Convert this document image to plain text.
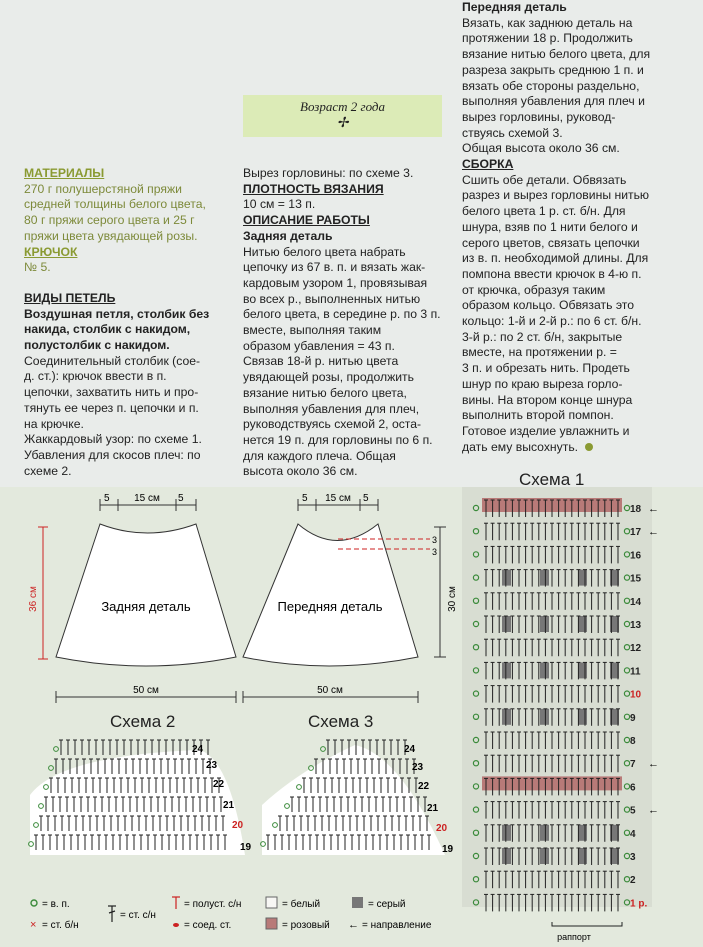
Возраст 2 года
✢
МАТЕРИАЛЫ
270 г полушерстяной пряжи
средней толщины белого цвета,
80 г пряжи серого цвета и 25 г
пряжи цвета увядающей розы.
КРЮЧОК
№ 5.
ВИДЫ ПЕТЕЛЬ
Воздушная петля, столбик без
накида, столбик с накидом,
полустолбик с накидом.
Соединительный столбик (сое-
д. ст.): крючок ввести в п.
цепочки, захватить нить и про-
тянуть ее через п. цепочки и п.
на крючке.
Жаккардовый узор: по схеме 1.
Убавления для скосов плеч: по
схеме 2.
Вырез горловины: по схеме 3.
ПЛОТНОСТЬ ВЯЗАНИЯ
10 см = 13 п.
ОПИСАНИЕ РАБОТЫ
Задняя деталь
Нитью белого цвета набрать
цепочку из 67 в. п. и вязать жак-
кардовым узором 1, провязывая
во всех р., выполненных нитью
белого цвета, в середине р. по 3 п.
вместе, выполняя таким
образом убавления = 43 п.
Связав 18-й р. нитью цвета
увядающей розы, продолжить
вязание нитью белого цвета,
выполняя убавления для плеч,
руководствуясь схемой 2, оста-
нется 19 п. для горловины по 6 п.
для каждого плеча. Общая
высота около 36 см.
Передняя деталь
Вязать, как заднюю деталь на
протяжении 18 р. Продолжить
вязание нитью белого цвета, для
разреза закрыть среднюю 1 п. и
вязать обе стороны раздельно,
выполняя убавления для плеч и
вырез горловины, руковод-
ствуясь схемой 3.
Общая высота около 36 см.
СБОРКА
Сшить обе детали. Обвязать
разрез и вырез горловины нитью
белого цвета 1 р. ст. б/н. Для
шнура, взяв по 1 нити белого и
серого цветов, связать цепочки
из в. п. необходимой длины. Для
помпона ввести крючок в 4-ю п.
от крючка, образуя таким
образом кольцо. Обвязать это
кольцо: 1-й и 2-й р.: по 6 ст. б/н.
3-й р.: по 2 ст. б/н, закрытые
вместе, на протяжении р. =
3 п. и обрезать нить. Продеть
шнур по краю выреза горло-
вины. На втором конце шнура
выполнить второй помпон.
Готовое изделие увлажнить и
дать ему высохнуть.
15 см
5	5	15 см
5	5
Задняя деталь	Передняя деталь
50 см	50 см
36 см	30 см
3
3
Схема 2	Схема 3
24
23
22
21
20
19
24
23
22
21
20
19
Схема 1
18 ←
17 ←
16
15
14
13
12
11
10
9
8
7 ←
6
5 ←
4
3
2
1 р.
раппорт
= в. п.
× = ст. б/н
= ст. с/н
= полуст. с/н
= соед. ст.
= белый
= розовый
= серый
← = направление
